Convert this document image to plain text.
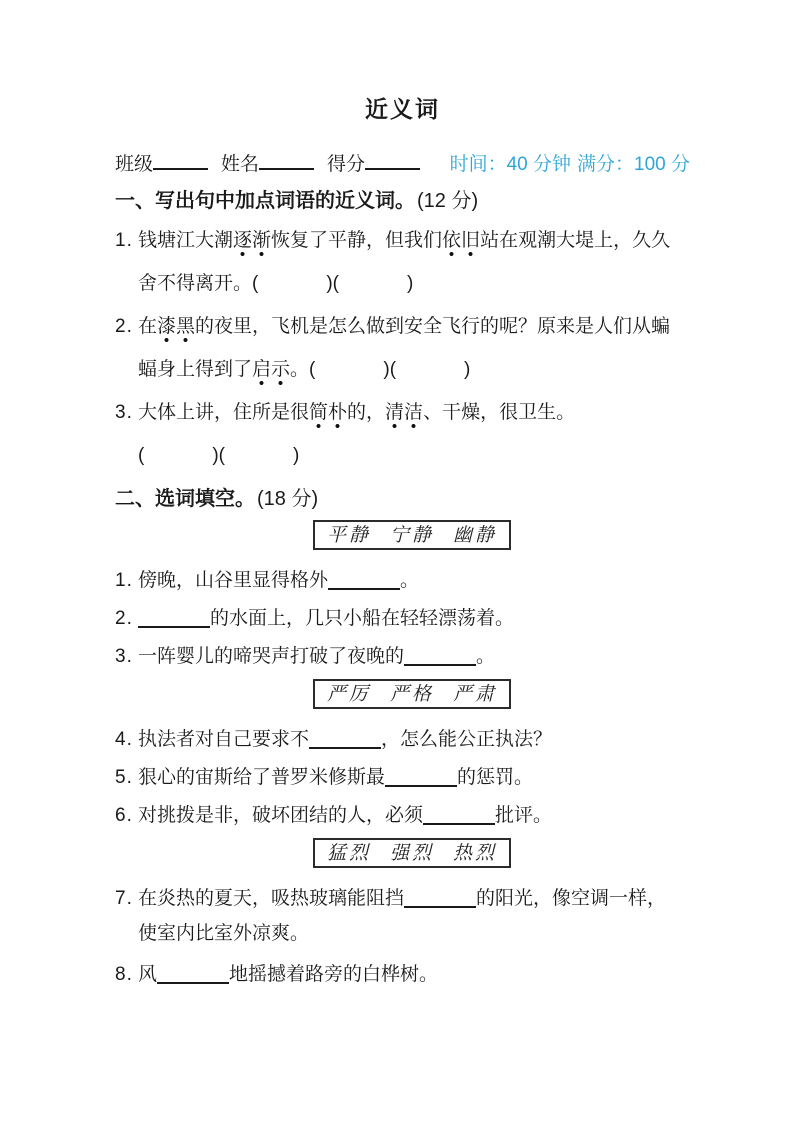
近义词
班级	姓名	得分	时间：40 分钟 满分：100 分
一、写出句中加点词语的近义词。 (12 分)
1. 钱塘江大潮逐渐恢复了平静，但我们依旧站在观潮大堤上，久久
舍不得离开。(	)(	)
2. 在漆黑的夜里，飞机是怎么做到安全飞行的呢？原来是人们从蝙
蝠身上得到了启示。(	)(	)
3. 大体上讲，住所是很简朴的，清洁、干燥，很卫生。
(	)(	)
二、选词填空。 (18 分)
平静 宁静 幽静
1. 傍晚，山谷里显得格外	。
2.	的水面上，几只小船在轻轻漂荡着。
3. 一阵婴儿的啼哭声打破了夜晚的	。
严厉 严格 严肃
4. 执法者对自己要求不	，怎么能公正执法？
5. 狠心的宙斯给了普罗米修斯最	的惩罚。
6. 对挑拨是非，破坏团结的人，必须	批评。
猛烈 强烈 热烈
7. 在炎热的夏天，吸热玻璃能阻挡	的阳光，像空调一样，
使室内比室外凉爽。
8. 风	地摇撼着路旁的白桦树。
